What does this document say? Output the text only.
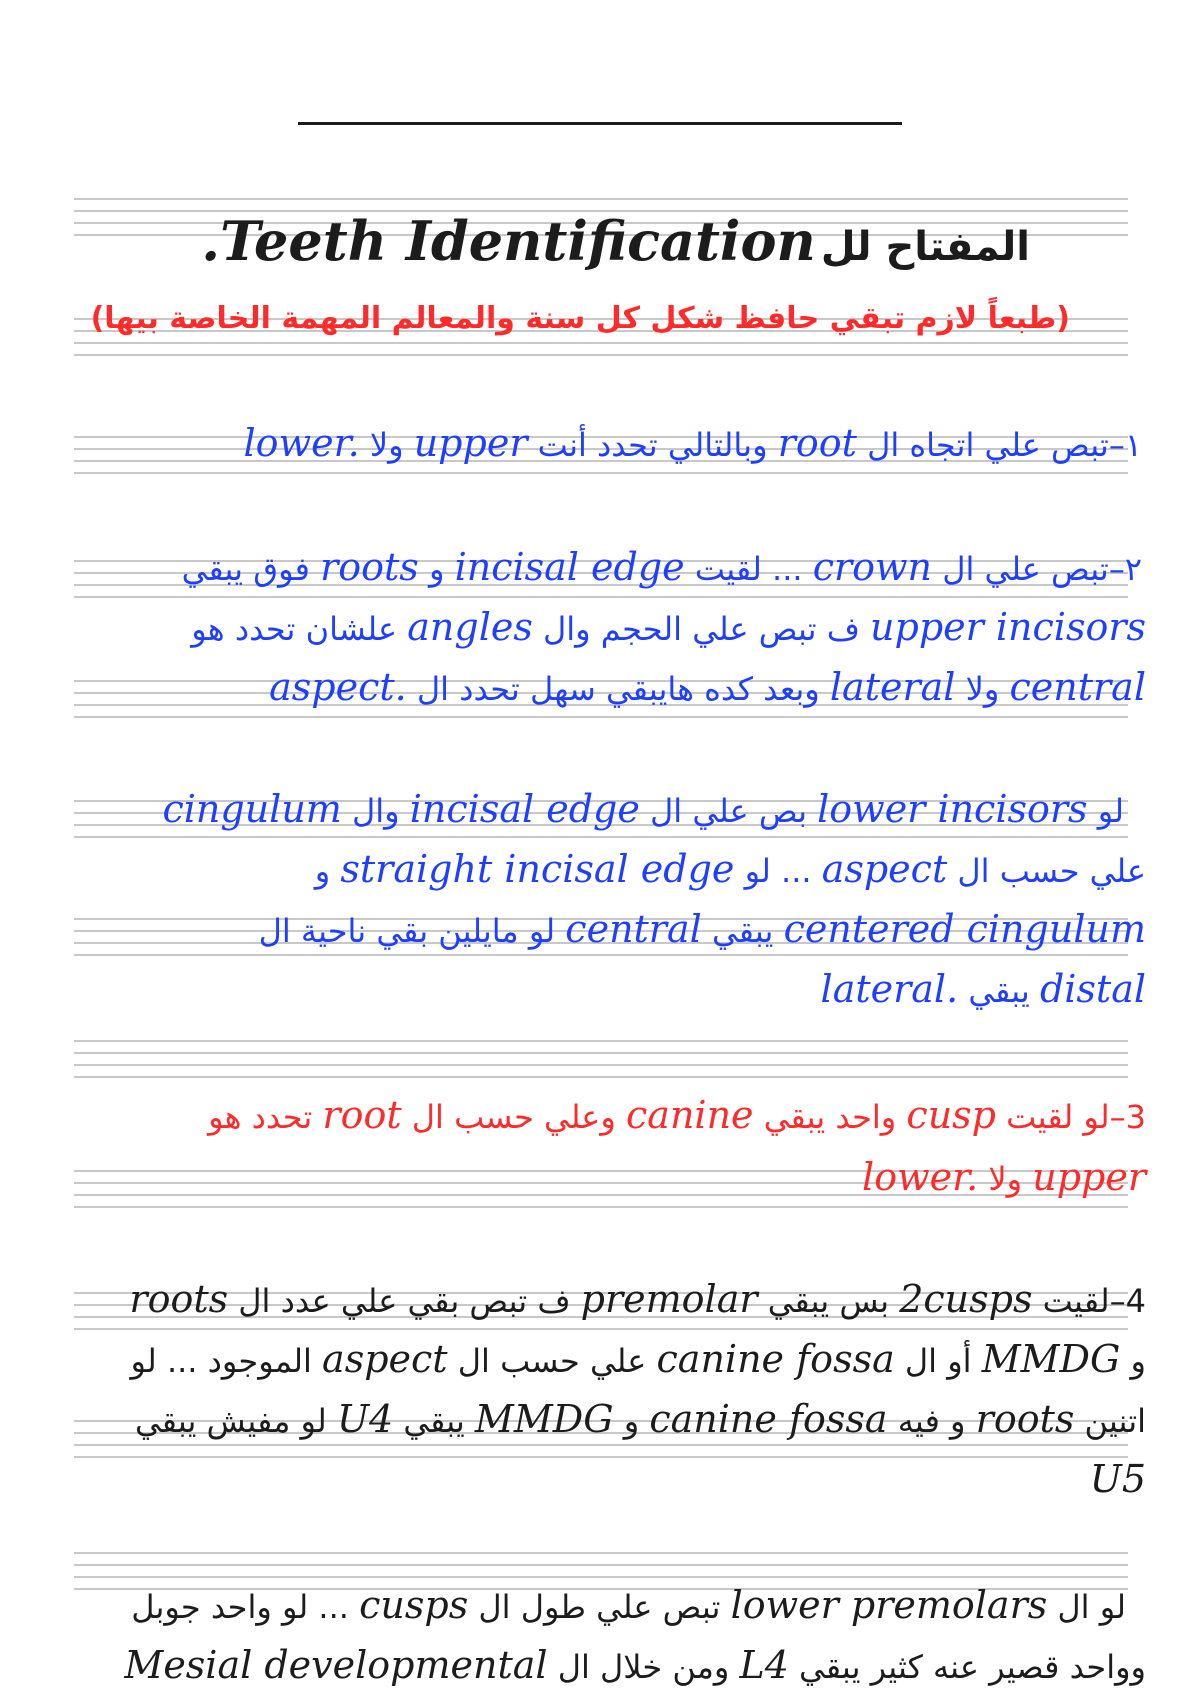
المفتاح لل Teeth Identification.
(طبعاً لازم تبقي حافظ شكل كل سنة والمعالم المهمة الخاصة بيها)
١–تبص علي اتجاه ال root وبالتالي تحدد أنت upper ولا lower.
٢–تبص علي ال crown ... لقيت incisal edge و roots فوق يبقي
upper incisors ف تبص علي الحجم وال angles علشان تحدد هو
central ولا lateral وبعد كده هايبقي سهل تحدد ال aspect.
لو lower incisors بص علي ال incisal edge وال cingulum
علي حسب ال aspect ... لو straight incisal edge و
centered cingulum يبقي central لو مايلين بقي ناحية ال
distal يبقي lateral.
3–لو لقيت cusp واحد يبقي canine وعلي حسب ال root تحدد هو
upper ولا lower.
4–لقيت 2cusps بس يبقي premolar ف تبص بقي علي عدد ال roots
و MMDG أو ال canine fossa علي حسب ال aspect الموجود ... لو
اتنين roots و فيه canine fossa و MMDG يبقي U4 لو مفيش يبقي
U5
لو ال lower premolars تبص علي طول ال cusps ... لو واحد جوبل
وواحد قصير عنه كثير يبقي L4 ومن خلال ال Mesial developmental
